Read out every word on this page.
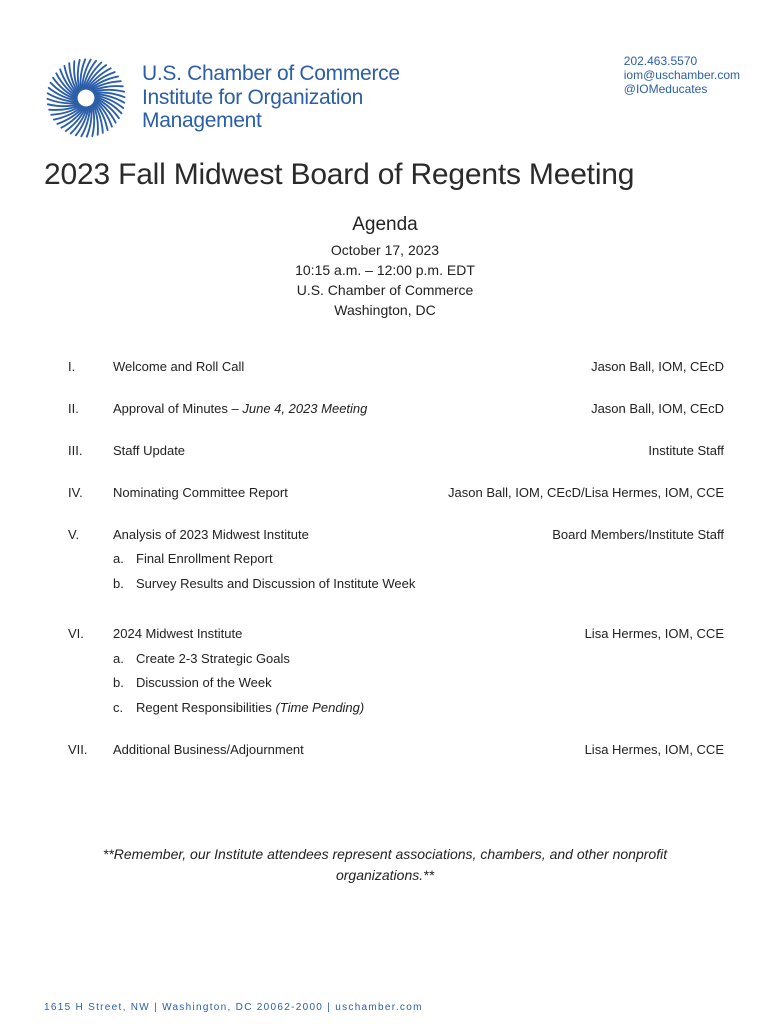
U.S. Chamber of Commerce
Institute for Organization
Management
202.463.5570
iom@uschamber.com
@IOMeducates
2023 Fall Midwest Board of Regents Meeting
Agenda
October 17, 2023
10:15 a.m. – 12:00 p.m. EDT
U.S. Chamber of Commerce
Washington, DC
I.	Welcome and Roll Call	Jason Ball, IOM, CEcD
II.	Approval of Minutes – June 4, 2023 Meeting	Jason Ball, IOM, CEcD
III. Staff Update	Institute Staff
IV. Nominating Committee Report	Jason Ball, IOM, CEcD/Lisa Hermes, IOM, CCE
V.	Analysis of 2023 Midwest Institute	Board Members/Institute Staff
a. Final Enrollment Report
b. Survey Results and Discussion of Institute Week
VI. 2024 Midwest Institute	Lisa Hermes, IOM, CCE
a. Create 2-3 Strategic Goals
b. Discussion of the Week
c. Regent Responsibilities (Time Pending)
VII. Additional Business/Adjournment	Lisa Hermes, IOM, CCE
**Remember, our Institute attendees represent associations, chambers, and other nonprofit organizations.**
1615 H Street, NW | Washington, DC 20062-2000 | uschamber.com
